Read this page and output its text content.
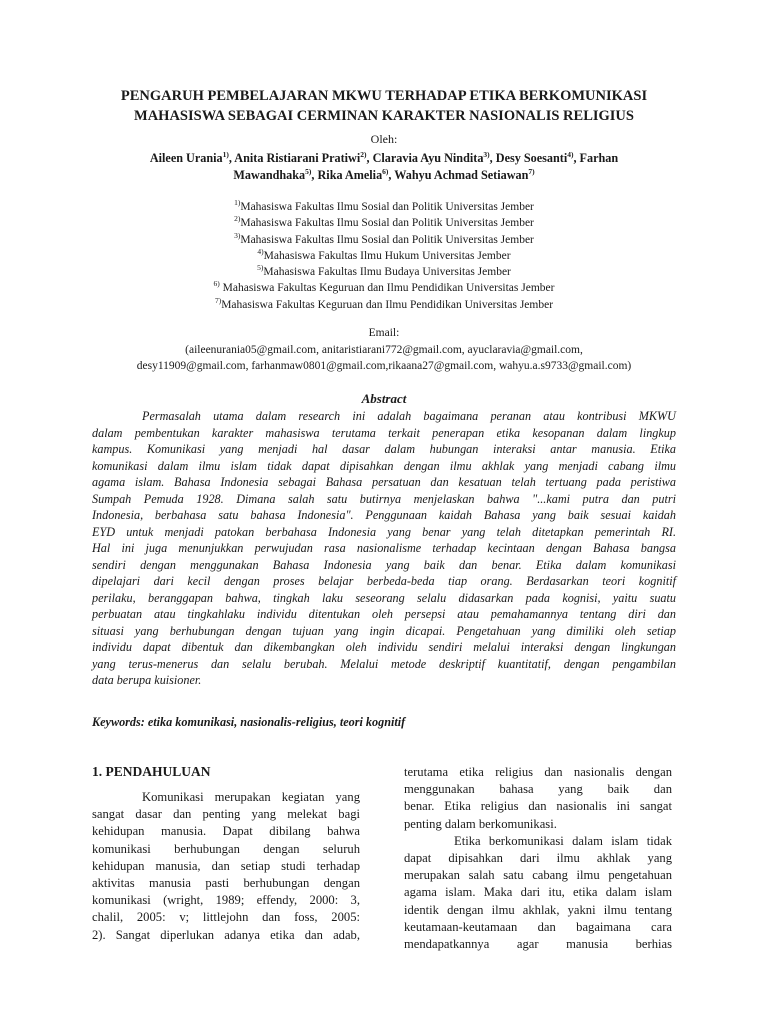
PENGARUH PEMBELAJARAN MKWU TERHADAP ETIKA BERKOMUNIKASI
MAHASISWA SEBAGAI CERMINAN KARAKTER NASIONALIS RELIGIUS
Oleh:
Aileen Urania$^{1)}$, Anita Ristiarani Pratiwi$^{2)}$, Claravia Ayu Nindita$^{3)}$, Desy Soesanti$^{4)}$, Farhan
Mawandhaka$^{5)}$, Rika Amelia$^{6)}$, Wahyu Achmad Setiawan$^{7)}$
$^{1)}$Mahasiswa Fakultas Ilmu Sosial dan Politik Universitas Jember
$^{2)}$Mahasiswa Fakultas Ilmu Sosial dan Politik Universitas Jember
$^{3)}$Mahasiswa Fakultas Ilmu Sosial dan Politik Universitas Jember
$^{4)}$Mahasiswa Fakultas Ilmu Hukum Universitas Jember
$^{5)}$Mahasiswa Fakultas Ilmu Budaya Universitas Jember
$^{6)}$ Mahasiswa Fakultas Keguruan dan Ilmu Pendidikan Universitas Jember
$^{7)}$Mahasiswa Fakultas Keguruan dan Ilmu Pendidikan Universitas Jember
Email:
(aileenurania05@gmail.com, anitaristiarani772@gmail.com, ayuclaravia@gmail.com,
desy11909@gmail.com, farhanmaw0801@gmail.com,rikaana27@gmail.com, wahyu.a.s9733@gmail.com)
Abstract
Permasalah utama dalam research ini adalah bagaimana peranan atau kontribusi MKWU
dalam pembentukan karakter mahasiswa terutama terkait penerapan etika kesopanan dalam lingkup
kampus. Komunikasi yang menjadi hal dasar dalam hubungan interaksi antar manusia. Etika
komunikasi dalam ilmu islam tidak dapat dipisahkan dengan ilmu akhlak yang menjadi cabang ilmu
agama islam. Bahasa Indonesia sebagai Bahasa persatuan dan kesatuan telah tertuang pada peristiwa
Sumpah Pemuda 1928. Dimana salah satu butirnya menjelaskan bahwa "...kami putra dan putri
Indonesia, berbahasa satu bahasa Indonesia". Penggunaan kaidah Bahasa yang baik sesuai kaidah
EYD untuk menjadi patokan berbahasa Indonesia yang benar yang telah ditetapkan pemerintah RI.
Hal ini juga menunjukkan perwujudan rasa nasionalisme terhadap kecintaan dengan Bahasa bangsa
sendiri dengan menggunakan Bahasa Indonesia yang baik dan benar. Etika dalam komunikasi
dipelajari dari kecil dengan proses belajar berbeda-beda tiap orang. Berdasarkan teori kognitif
perilaku, beranggapan bahwa, tingkah laku seseorang selalu didasarkan pada kognisi, yaitu suatu
perbuatan atau tingkahlaku individu ditentukan oleh persepsi atau pemahamannya tentang diri dan
situasi yang berhubungan dengan tujuan yang ingin dicapai. Pengetahuan yang dimiliki oleh setiap
individu dapat dibentuk dan dikembangkan oleh individu sendiri melalui interaksi dengan lingkungan
yang terus-menerus dan selalu berubah. Melalui metode deskriptif kuantitatif, dengan pengambilan
data berupa kuisioner.
Keywords: etika komunikasi, nasionalis-religius, teori kognitif
1. PENDAHULUAN
Komunikasi merupakan kegiatan yang
sangat dasar dan penting yang melekat bagi
kehidupan manusia. Dapat dibilang bahwa
komunikasi berhubungan dengan seluruh
kehidupan manusia, dan setiap studi terhadap
aktivitas manusia pasti berhubungan dengan
komunikasi (wright, 1989; effendy, 2000: 3,
chalil, 2005: v; littlejohn dan foss, 2005:
2). Sangat diperlukan adanya etika dan adab,
terutama etika religius dan nasionalis dengan
menggunakan bahasa yang baik dan
benar. Etika religius dan nasionalis ini sangat
penting dalam berkomunikasi.
Etika berkomunikasi dalam islam tidak
dapat dipisahkan dari ilmu akhlak yang
merupakan salah satu cabang ilmu pengetahuan
agama islam. Maka dari itu, etika dalam islam
identik dengan ilmu akhlak, yakni ilmu tentang
keutamaan-keutamaan dan bagaimana cara
mendapatkannya agar manusia berhias
